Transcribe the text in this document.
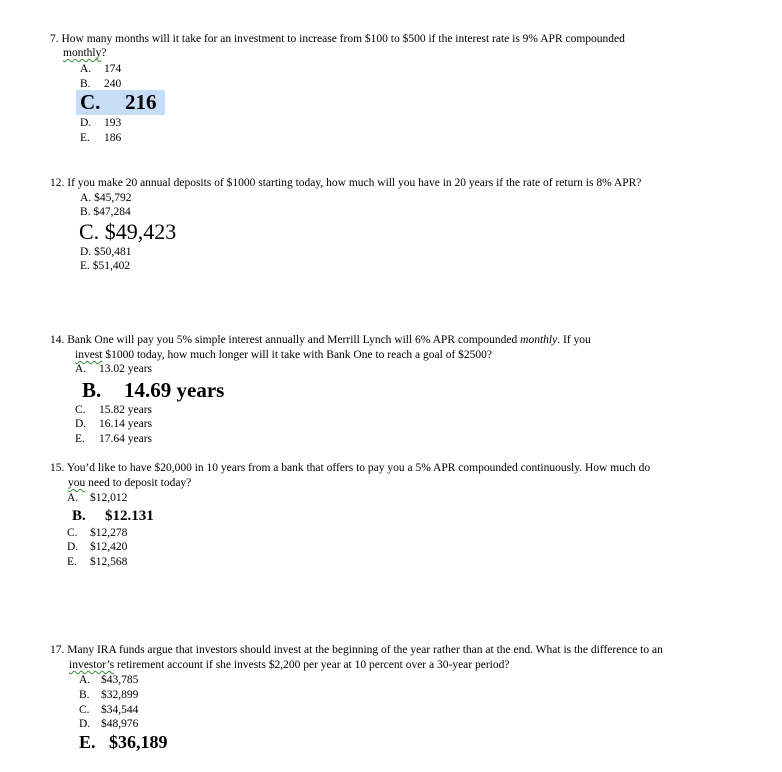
7. How many months will it take for an investment to increase from $100 to $500 if the interest rate is 9% APR compounded
monthly?
A. 174
B. 240
C. 216
D. 193
E. 186
12. If you make 20 annual deposits of $1000 starting today, how much will you have in 20 years if the rate of return is 8% APR?
A. $45,792
B. $47,284
C. $49,423
D. $50,481
E. $51,402
14. Bank One will pay you 5% simple interest annually and Merrill Lynch will 6% APR compounded monthly. If you
invest $1000 today, how much longer will it take with Bank One to reach a goal of $2500?
A. 13.02 years
B. 14.69 years
C. 15.82 years
D. 16.14 years
E. 17.64 years
15. You’d like to have $20,000 in 10 years from a bank that offers to pay you a 5% APR compounded continuously. How much do
you need to deposit today?
A. $12,012
B. $12.131
C. $12,278
D. $12,420
E. $12,568
17. Many IRA funds argue that investors should invest at the beginning of the year rather than at the end. What is the difference to an
investor’s retirement account if she invests $2,200 per year at 10 percent over a 30-year period?
A. $43,785
B. $32,899
C. $34,544
D. $48,976
E. $36,189
